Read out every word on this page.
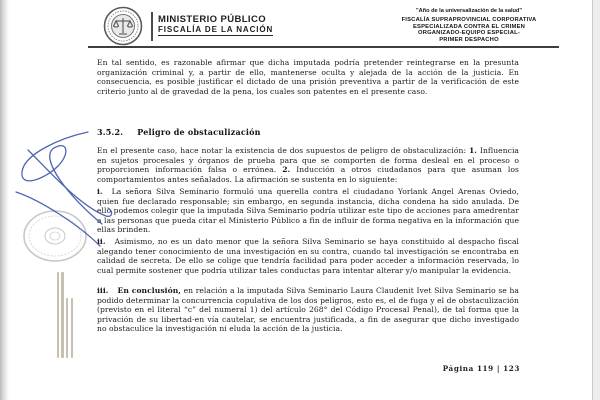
MINISTERIO PÚBLICO
FISCALÍA DE LA NACIÓN
"Año de la universalización de la salud"
FISCALÍA SUPRAPROVINCIAL CORPORATIVA
ESPECIALIZADA CONTRA EL CRIMEN
ORGANIZADO-EQUIPO ESPECIAL-
PRIMER DESPACHO
En tal sentido, es razonable afirmar que dicha imputada podría pretender reintegrarse en la presunta organización criminal y, a partir de ello, mantenerse oculta y alejada de la acción de la justicia. En consecuencia, es posible justificar el dictado de una prisión preventiva a partir de la verificación de este criterio junto al de gravedad de la pena, los cuales son patentes en el presente caso.
3.5.2. Peligro de obstaculización
En el presente caso, hace notar la existencia de dos supuestos de peligro de obstaculización: 1. Influencia en sujetos procesales y órganos de prueba para que se comporten de forma desleal en el proceso o proporcionen información falsa o errónea. 2. Inducción a otros ciudadanos para que asuman los comportamientos antes señalados. La afirmación se sustenta en lo siguiente:
i. La señora Silva Seminario formuló una querella contra el ciudadano Yorlank Angel Arenas Oviedo, quien fue declarado responsable; sin embargo, en segunda instancia, dicha condena ha sido anulada. De ello podemos colegir que la imputada Silva Seminario podría utilizar este tipo de acciones para amedrentar a las personas que pueda citar el Ministerio Público a fin de influir de forma negativa en la información que ellas brinden.
ii. Asimismo, no es un dato menor que la señora Silva Seminario se haya constituido al despacho fiscal alegando tener conocimiento de una investigación en su contra, cuando tal investigación se encontraba en calidad de secreta. De ello se colige que tendría facilidad para poder acceder a información reservada, lo cual permite sostener que podría utilizar tales conductas para intentar alterar y/o manipular la evidencia.
iii. En conclusión, en relación a la imputada Silva Seminario Laura Claudenit Ivet Silva Seminario se ha podido determinar la concurrencia copulativa de los dos peligros, esto es, el de fuga y el de obstaculización (previsto en el literal “c” del numeral 1) del artículo 268° del Código Procesal Penal), de tal forma que la privación de su libertad-en vía cautelar, se encuentra justificada, a fin de asegurar que dicho investigado no obstaculice la investigación ni eluda la acción de la justicia.
Página 119 | 123
